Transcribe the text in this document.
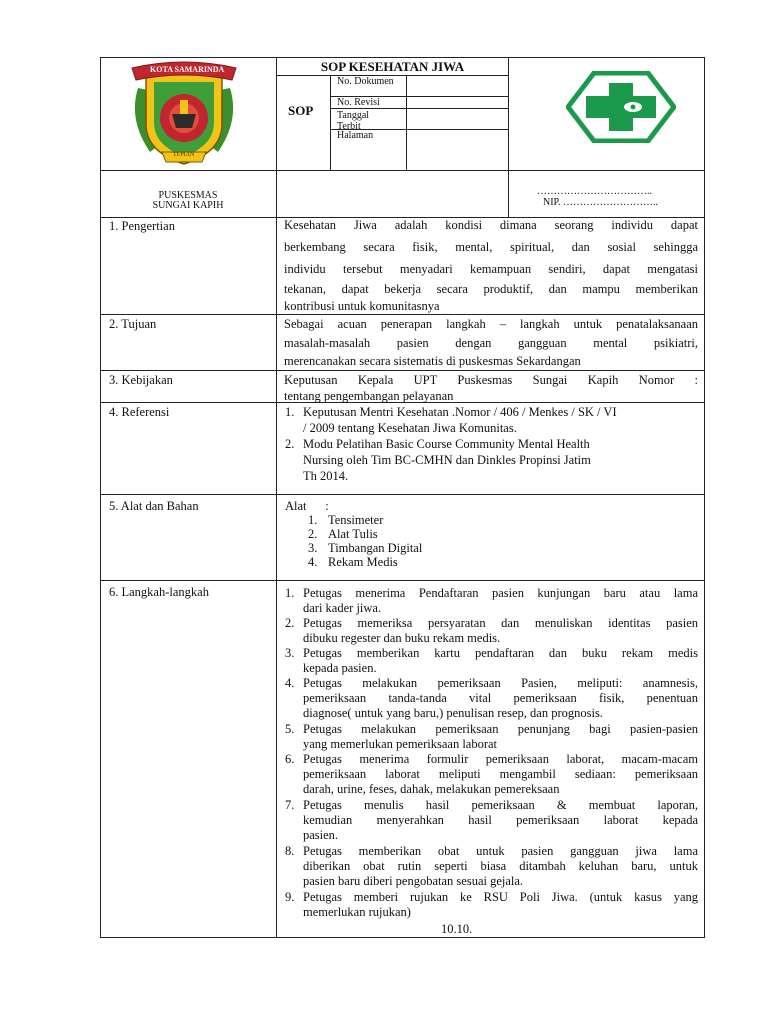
KOTA SAMARINDA
TEPIAN
SOP KESEHATAN JIWA
SOP
No. Dokumen
No. Revisi
Tanggal Terbit
Halaman
PUSKESMAS
SUNGAI KAPIH
……………………………..
NIP. ………………………..
1. Pengertian
2. Tujuan
3. Kebijakan
4. Referensi
5. Alat dan Bahan
6. Langkah-langkah
Kesehatan Jiwa adalah kondisi dimana seorang individu dapat
berkembang secara fisik, mental, spiritual, dan sosial sehingga
individu tersebut menyadari kemampuan sendiri, dapat mengatasi
tekanan, dapat bekerja secara produktif, dan mampu memberikan
kontribusi untuk komunitasnya
Sebagai acuan penerapan langkah – langkah untuk penatalaksanaan
masalah-masalah pasien dengan gangguan mental psikiatri,
merencanakan secara sistematis di puskesmas Sekardangan
Keputusan Kepala UPT Puskesmas Sungai Kapih Nomor :
tentang pengembangan pelayanan
1. Keputusan Mentri Kesehatan .Nomor / 406 / Menkes / SK / VI
/ 2009 tentang Kesehatan Jiwa Komunitas.
2. Modu Pelatihan Basic Course Community Mental Health
Nursing oleh Tim BC-CMHN dan Dinkles Propinsi Jatim
Th 2014.
Alat      :
1. Tensimeter
2. Alat Tulis
3. Timbangan Digital
4. Rekam Medis
1. Petugas menerima Pendaftaran pasien kunjungan baru atau lama
dari kader jiwa.
2. Petugas memeriksa persyaratan dan menuliskan identitas pasien
dibuku regester dan buku rekam medis.
3. Petugas memberikan kartu pendaftaran dan buku rekam medis
kepada pasien.
4. Petugas melakukan pemeriksaan Pasien, meliputi: anamnesis,
pemeriksaan tanda-tanda vital pemeriksaan fisik, penentuan
diagnose( untuk yang baru,) penulisan resep, dan prognosis.
5. Petugas melakukan pemeriksaan penunjang bagi pasien-pasien
yang memerlukan pemeriksaan laborat
6. Petugas menerima formulir pemeriksaan laborat, macam-macam
pemeriksaan laborat meliputi mengambil sediaan: pemeriksaan
darah, urine, feses, dahak, melakukan pemereksaan
7. Petugas menulis hasil pemeriksaan & membuat laporan,
kemudian menyerahkan hasil pemeriksaan laborat kepada
pasien.
8. Petugas memberikan obat untuk pasien gangguan jiwa lama
diberikan obat rutin seperti biasa ditambah keluhan baru, untuk
pasien baru diberi pengobatan sesuai gejala.
9. Petugas memberi rujukan ke RSU Poli Jiwa. (untuk kasus yang
memerlukan rujukan)
10.10.
